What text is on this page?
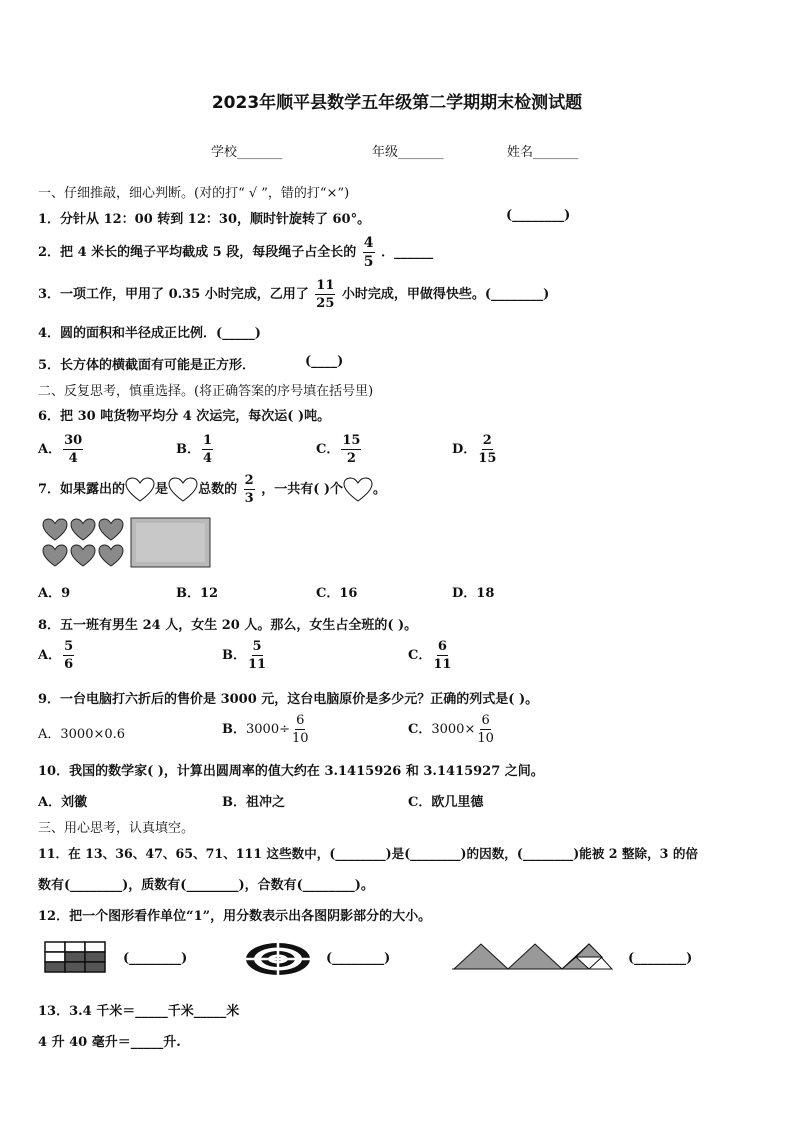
2023年顺平县数学五年级第二学期期末检测试题
学校_______	年级_______	姓名_______
一、仔细推敲，细心判断。(对的打“ √ ”，错的打“×”)
1．分针从 12：00 转到 12：30，顺时针旋转了 60°。	(________)
2．把 4 米长的绳子平均截成 5 段，每段绳子占全长的 $\frac{4}{5}$ ．______
3．一项工作，甲用了 0.35 小时完成，乙用了 $\frac{11}{25}$ 小时完成，甲做得快些。(________)
4．圆的面积和半径成正比例．(_____)
5．长方体的横截面有可能是正方形．	(____)
二、反复思考，慎重选择。(将正确答案的序号填在括号里)
6．把 30 吨货物平均分 4 次运完，每次运( )吨。
A． $\frac{30}{4}$	B． $\frac{1}{4}$	C． $\frac{15}{2}$	D． $\frac{2}{15}$
7．如果露出的 是 总数的 $\frac{2}{3}$ ，一共有( )个 。
A．9	B．12	C．16	D．18
8．五一班有男生 24 人，女生 20 人。那么，女生占全班的( )。
A． $\frac{5}{6}$	B． $\frac{5}{11}$	C． $\frac{6}{11}$
9．一台电脑打六折后的售价是 3000 元，这台电脑原价是多少元？正确的列式是( )。
A．3000×0.6	B．$3000\div \frac{6}{10}$	C．$3000\times \frac{6}{10}$
10．我国的数学家( )，计算出圆周率的值大约在 3.1415926 和 3.1415927 之间。
A．刘徽	B．祖冲之	C．欧几里德
三、用心思考，认真填空。
11．在 13、36、47、65、71、111 这些数中，(________)是(________)的因数，(________)能被 2 整除，3 的倍
数有(________)，质数有(________)，合数有(________)。
12．把一个图形看作单位“1”，用分数表示出各图阴影部分的大小。
(________)	(________)	(________)
13．3.4 千米＝_____千米_____米
4 升 40 毫升＝_____升.
